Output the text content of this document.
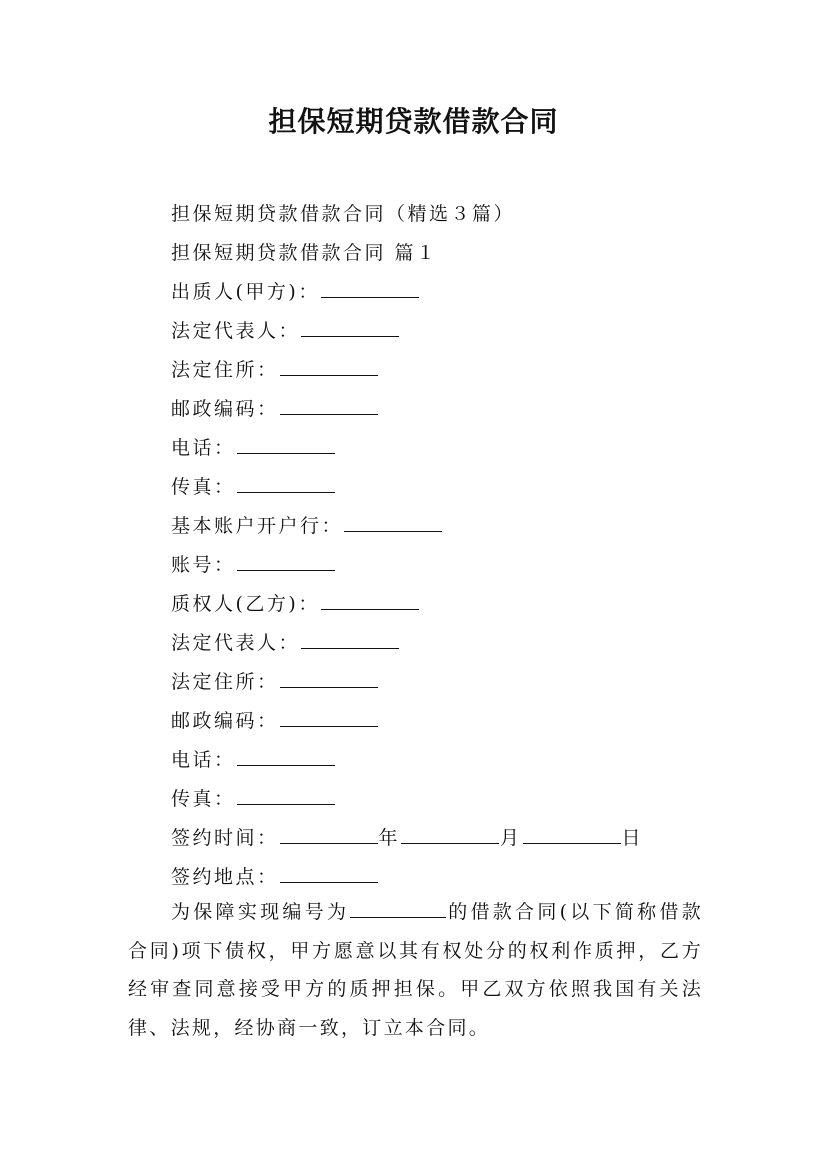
担保短期贷款借款合同
担保短期贷款借款合同（精选３篇）
担保短期贷款借款合同 篇１
出质人(甲方)：
法定代表人：
法定住所：
邮政编码：
电话：
传真：
基本账户开户行：
账号：
质权人(乙方)：
法定代表人：
法定住所：
邮政编码：
电话：
传真：
签约时间：	年	月	日
签约地点：
为保障实现编号为	的借款合同(以下简称借款合同)项下债权，甲方愿意以其有权处分的权利作质押，乙方经审查同意接受甲方的质押担保。甲乙双方依照我国有关法律、法规，经协商一致，订立本合同。
